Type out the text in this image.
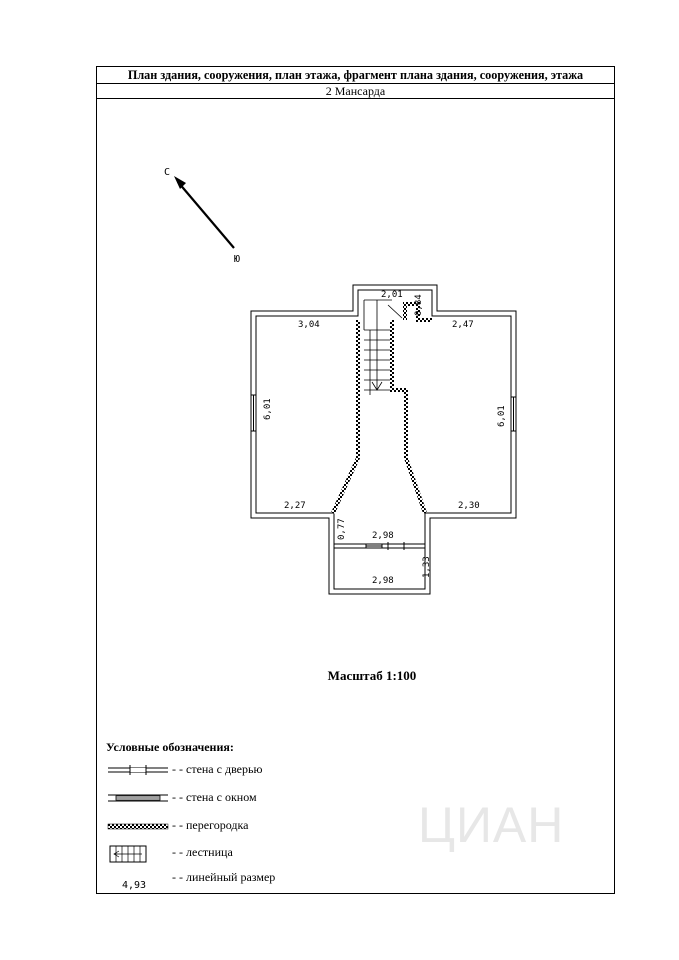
План здания, сооружения, план этажа, фрагмент плана здания, сооружения, этажа
2 Мансарда
С
Ю
2,01 0,84
3,04	2,47
6,01	6,01
2,27	2,30
0,77	2,98
1,33
2,98
Масштаб 1:100
Условные обозначения:
- - стена с дверью
- - стена с окном
- - перегородка
- - лестница
4,93
- - линейный размер
ЦИАН
